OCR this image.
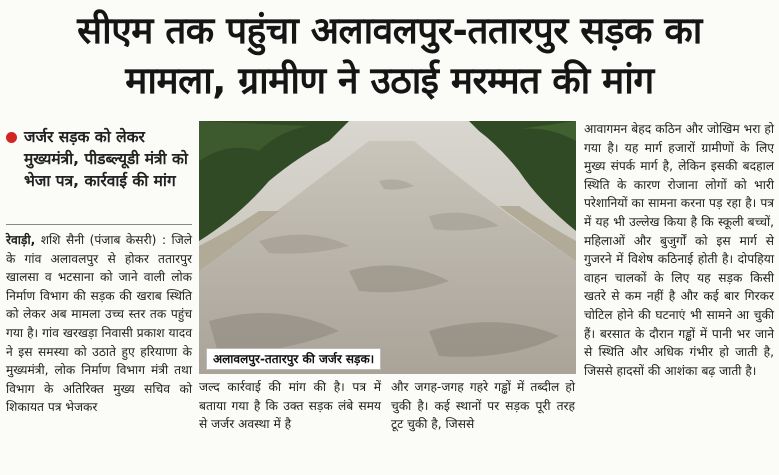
सीएम तक पहुंचा अलावलपुर-ततारपुर सड़क का
मामला, ग्रामीण ने उठाई मरम्मत की मांग
जर्जर सड़क को लेकर मुख्यमंत्री, पीडब्ल्यूडी मंत्री को भेजा पत्र, कार्रवाई की मांग
रेवाड़ी, शशि सैनी (पंजाब केसरी) : जिले के गांव अलावलपुर से होकर ततारपुर खालसा व भटसाना को जाने वाली लोक निर्माण विभाग की सड़क की खराब स्थिति को लेकर अब मामला उच्च स्तर तक पहुंच गया है। गांव खरखड़ा निवासी प्रकाश यादव ने इस समस्या को उठाते हुए हरियाणा के मुख्यमंत्री, लोक निर्माण विभाग मंत्री तथा विभाग के अतिरिक्त मुख्य सचिव को शिकायत पत्र भेजकर
अलावलपुर-ततारपुर की जर्जर सड़क।
जल्द कार्रवाई की मांग की है। पत्र में बताया गया है कि उक्त सड़क लंबे समय से जर्जर अवस्था में है
और जगह-जगह गहरे गड्ढों में तब्दील हो चुकी है। कई स्थानों पर सड़क पूरी तरह टूट चुकी है, जिससे
आवागमन बेहद कठिन और जोखिम भरा हो गया है। यह मार्ग हजारों ग्रामीणों के लिए मुख्य संपर्क मार्ग है, लेकिन इसकी बदहाल स्थिति के कारण रोजाना लोगों को भारी परेशानियों का सामना करना पड़ रहा है। पत्र में यह भी उल्लेख किया है कि स्कूली बच्चों, महिलाओं और बुजुर्गों को इस मार्ग से गुजरने में विशेष कठिनाई होती है। दोपहिया वाहन चालकों के लिए यह सड़क किसी खतरे से कम नहीं है और कई बार गिरकर चोटिल होने की घटनाएं भी सामने आ चुकी हैं। बरसात के दौरान गड्ढों में पानी भर जाने से स्थिति और अधिक गंभीर हो जाती है, जिससे हादसों की आशंका बढ़ जाती है।
